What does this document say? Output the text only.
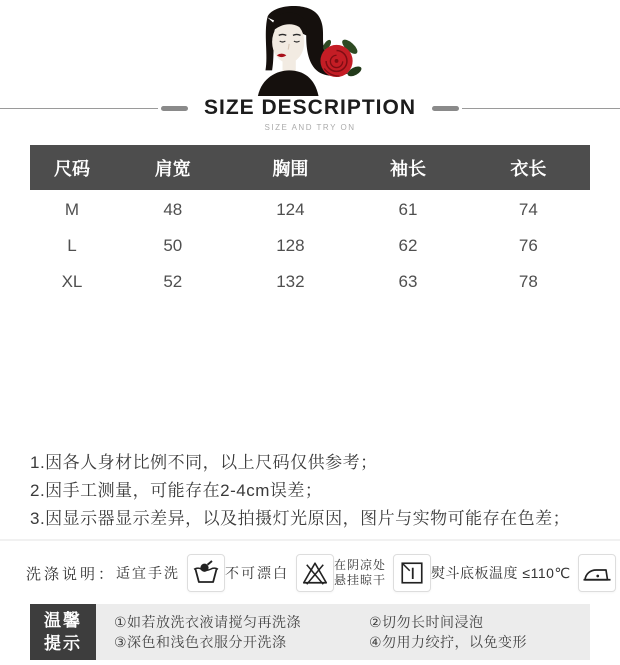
SIZE DESCRIPTION
SIZE AND TRY ON
尺码	肩宽	胸围	袖长	衣长
M	48	124	61	74
L	50	128	62	76
XL	52	132	63	78
1.因各人身材比例不同，以上尺码仅供参考；
2.因手工测量，可能存在2-4cm误差；
3.因显示器显示差异，以及拍摄灯光原因，图片与实物可能存在色差；
洗涤说明： 适宜手洗	不可漂白	在阴凉处
悬挂晾干	熨斗底板温度 ≤110℃
温馨
提示
①如若放洗衣液请搅匀再洗涤	②切勿长时间浸泡
③深色和浅色衣服分开洗涤	④勿用力绞拧，以免变形
